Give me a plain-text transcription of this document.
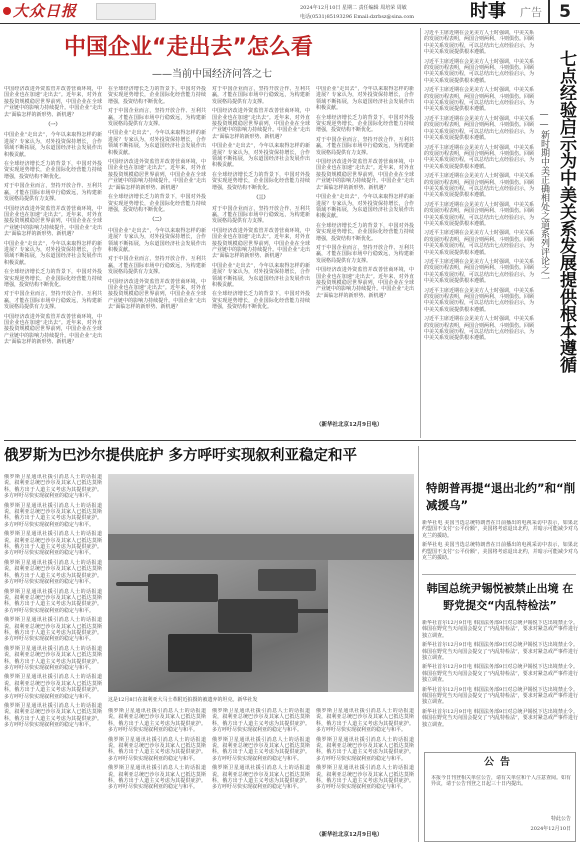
大众日报	2024年12月10日 星期二 责任编辑 周培荣 周敏
电话(0531)85193296 Email:dzrbsz@sina.com	时事 广告	5
中国企业“走出去”怎么看
——当前中国经济问答之七

中国经济改进外资监管并改善营商环境，中国企业也在加速“走出去”。近年来，对外直接投资规模稳居世界前列，中国企业在全球产业链中的影响力持续提升。中国企业“走出去”面临怎样的新形势、新机遇？

（一）

中国企业“走出去”，今年以来取得怎样的新进展？专家认为，对外投资保持增长，合作领域不断拓展，为东道国经济社会发展作出积极贡献。

在全球经济增长乏力的背景下，中国对外投资实现逆势增长，企业国际化经营能力持续增强，投资结构不断优化。

对于中国企业而言，坚持开放合作、互利共赢，才能在国际市场中行稳致远，为构建新发展格局提供有力支撑。

中国经济改进外资监管并改善营商环境，中国企业也在加速“走出去”。近年来，对外直接投资规模稳居世界前列，中国企业在全球产业链中的影响力持续提升。中国企业“走出去”面临怎样的新形势、新机遇？

中国企业“走出去”，今年以来取得怎样的新进展？专家认为，对外投资保持增长，合作领域不断拓展，为东道国经济社会发展作出积极贡献。

在全球经济增长乏力的背景下，中国对外投资实现逆势增长，企业国际化经营能力持续增强，投资结构不断优化。

对于中国企业而言，坚持开放合作、互利共赢，才能在国际市场中行稳致远，为构建新发展格局提供有力支撑。

中国经济改进外资监管并改善营商环境，中国企业也在加速“走出去”。近年来，对外直接投资规模稳居世界前列，中国企业在全球产业链中的影响力持续提升。中国企业“走出去”面临怎样的新形势、新机遇？

在全球经济增长乏力的背景下，中国对外投资实现逆势增长，企业国际化经营能力持续增强，投资结构不断优化。

对于中国企业而言，坚持开放合作、互利共赢，才能在国际市场中行稳致远，为构建新发展格局提供有力支撑。

中国企业“走出去”，今年以来取得怎样的新进展？专家认为，对外投资保持增长，合作领域不断拓展，为东道国经济社会发展作出积极贡献。

中国经济改进外资监管并改善营商环境，中国企业也在加速“走出去”。近年来，对外直接投资规模稳居世界前列，中国企业在全球产业链中的影响力持续提升。中国企业“走出去”面临怎样的新形势、新机遇？

在全球经济增长乏力的背景下，中国对外投资实现逆势增长，企业国际化经营能力持续增强，投资结构不断优化。

（二）

中国企业“走出去”，今年以来取得怎样的新进展？专家认为，对外投资保持增长，合作领域不断拓展，为东道国经济社会发展作出积极贡献。

对于中国企业而言，坚持开放合作、互利共赢，才能在国际市场中行稳致远，为构建新发展格局提供有力支撑。

中国经济改进外资监管并改善营商环境，中国企业也在加速“走出去”。近年来，对外直接投资规模稳居世界前列，中国企业在全球产业链中的影响力持续提升。中国企业“走出去”面临怎样的新形势、新机遇？

对于中国企业而言，坚持开放合作、互利共赢，才能在国际市场中行稳致远，为构建新发展格局提供有力支撑。

中国经济改进外资监管并改善营商环境，中国企业也在加速“走出去”。近年来，对外直接投资规模稳居世界前列，中国企业在全球产业链中的影响力持续提升。中国企业“走出去”面临怎样的新形势、新机遇？

中国企业“走出去”，今年以来取得怎样的新进展？专家认为，对外投资保持增长，合作领域不断拓展，为东道国经济社会发展作出积极贡献。

在全球经济增长乏力的背景下，中国对外投资实现逆势增长，企业国际化经营能力持续增强，投资结构不断优化。

（三）

对于中国企业而言，坚持开放合作、互利共赢，才能在国际市场中行稳致远，为构建新发展格局提供有力支撑。

中国经济改进外资监管并改善营商环境，中国企业也在加速“走出去”。近年来，对外直接投资规模稳居世界前列，中国企业在全球产业链中的影响力持续提升。中国企业“走出去”面临怎样的新形势、新机遇？

中国企业“走出去”，今年以来取得怎样的新进展？专家认为，对外投资保持增长，合作领域不断拓展，为东道国经济社会发展作出积极贡献。

在全球经济增长乏力的背景下，中国对外投资实现逆势增长，企业国际化经营能力持续增强，投资结构不断优化。

中国企业“走出去”，今年以来取得怎样的新进展？专家认为，对外投资保持增长，合作领域不断拓展，为东道国经济社会发展作出积极贡献。

在全球经济增长乏力的背景下，中国对外投资实现逆势增长，企业国际化经营能力持续增强，投资结构不断优化。

对于中国企业而言，坚持开放合作、互利共赢，才能在国际市场中行稳致远，为构建新发展格局提供有力支撑。

中国经济改进外资监管并改善营商环境，中国企业也在加速“走出去”。近年来，对外直接投资规模稳居世界前列，中国企业在全球产业链中的影响力持续提升。中国企业“走出去”面临怎样的新形势、新机遇？

中国企业“走出去”，今年以来取得怎样的新进展？专家认为，对外投资保持增长，合作领域不断拓展，为东道国经济社会发展作出积极贡献。

在全球经济增长乏力的背景下，中国对外投资实现逆势增长，企业国际化经营能力持续增强，投资结构不断优化。

对于中国企业而言，坚持开放合作、互利共赢，才能在国际市场中行稳致远，为构建新发展格局提供有力支撑。

中国经济改进外资监管并改善营商环境，中国企业也在加速“走出去”。近年来，对外直接投资规模稳居世界前列，中国企业在全球产业链中的影响力持续提升。中国企业“走出去”面临怎样的新形势、新机遇？

（新华社北京12月9日电）

习近平主席近期在会见美方人士时强调，中美关系的发展历程表明，两国合则两利、斗则俱伤。回顾中美关系发展历程，可以总结出七点经验启示，为中美关系发展提供根本遵循。

习近平主席近期在会见美方人士时强调，中美关系的发展历程表明，两国合则两利、斗则俱伤。回顾中美关系发展历程，可以总结出七点经验启示，为中美关系发展提供根本遵循。

习近平主席近期在会见美方人士时强调，中美关系的发展历程表明，两国合则两利、斗则俱伤。回顾中美关系发展历程，可以总结出七点经验启示，为中美关系发展提供根本遵循。

习近平主席近期在会见美方人士时强调，中美关系的发展历程表明，两国合则两利、斗则俱伤。回顾中美关系发展历程，可以总结出七点经验启示，为中美关系发展提供根本遵循。

习近平主席近期在会见美方人士时强调，中美关系的发展历程表明，两国合则两利、斗则俱伤。回顾中美关系发展历程，可以总结出七点经验启示，为中美关系发展提供根本遵循。

习近平主席近期在会见美方人士时强调，中美关系的发展历程表明，两国合则两利、斗则俱伤。回顾中美关系发展历程，可以总结出七点经验启示，为中美关系发展提供根本遵循。

习近平主席近期在会见美方人士时强调，中美关系的发展历程表明，两国合则两利、斗则俱伤。回顾中美关系发展历程，可以总结出七点经验启示，为中美关系发展提供根本遵循。

习近平主席近期在会见美方人士时强调，中美关系的发展历程表明，两国合则两利、斗则俱伤。回顾中美关系发展历程，可以总结出七点经验启示，为中美关系发展提供根本遵循。

习近平主席近期在会见美方人士时强调，中美关系的发展历程表明，两国合则两利、斗则俱伤。回顾中美关系发展历程，可以总结出七点经验启示，为中美关系发展提供根本遵循。

习近平主席近期在会见美方人士时强调，中美关系的发展历程表明，两国合则两利、斗则俱伤。回顾中美关系发展历程，可以总结出七点经验启示，为中美关系发展提供根本遵循。

习近平主席近期在会见美方人士时强调，中美关系的发展历程表明，两国合则两利、斗则俱伤。回顾中美关系发展历程，可以总结出七点经验启示，为中美关系发展提供根本遵循。

——新时期中美正确相处之道系列评论之一 七点经验启示为中美关系发展提供根本遵循
俄罗斯为巴沙尔提供庇护 多方呼吁实现叙利亚稳定和平

俄罗斯卫星通讯社援引消息人士的话报道说，叙利亚总统巴沙尔及其家人已抵达莫斯科，俄方出于人道主义考虑为其提供庇护。多方呼吁尽快实现叙利亚的稳定与和平。

俄罗斯卫星通讯社援引消息人士的话报道说，叙利亚总统巴沙尔及其家人已抵达莫斯科，俄方出于人道主义考虑为其提供庇护。多方呼吁尽快实现叙利亚的稳定与和平。

俄罗斯卫星通讯社援引消息人士的话报道说，叙利亚总统巴沙尔及其家人已抵达莫斯科，俄方出于人道主义考虑为其提供庇护。多方呼吁尽快实现叙利亚的稳定与和平。

俄罗斯卫星通讯社援引消息人士的话报道说，叙利亚总统巴沙尔及其家人已抵达莫斯科，俄方出于人道主义考虑为其提供庇护。多方呼吁尽快实现叙利亚的稳定与和平。

俄罗斯卫星通讯社援引消息人士的话报道说，叙利亚总统巴沙尔及其家人已抵达莫斯科，俄方出于人道主义考虑为其提供庇护。多方呼吁尽快实现叙利亚的稳定与和平。

俄罗斯卫星通讯社援引消息人士的话报道说，叙利亚总统巴沙尔及其家人已抵达莫斯科，俄方出于人道主义考虑为其提供庇护。多方呼吁尽快实现叙利亚的稳定与和平。

俄罗斯卫星通讯社援引消息人士的话报道说，叙利亚总统巴沙尔及其家人已抵达莫斯科，俄方出于人道主义考虑为其提供庇护。多方呼吁尽快实现叙利亚的稳定与和平。

俄罗斯卫星通讯社援引消息人士的话报道说，叙利亚总统巴沙尔及其家人已抵达莫斯科，俄方出于人道主义考虑为其提供庇护。多方呼吁尽快实现叙利亚的稳定与和平。

俄罗斯卫星通讯社援引消息人士的话报道说，叙利亚总统巴沙尔及其家人已抵达莫斯科，俄方出于人道主义考虑为其提供庇护。多方呼吁尽快实现叙利亚的稳定与和平。

这是12月8日在叙利亚大马士革附近拍摄的被遗弃的坦克。新华社发

俄罗斯卫星通讯社援引消息人士的话报道说，叙利亚总统巴沙尔及其家人已抵达莫斯科，俄方出于人道主义考虑为其提供庇护。多方呼吁尽快实现叙利亚的稳定与和平。

俄罗斯卫星通讯社援引消息人士的话报道说，叙利亚总统巴沙尔及其家人已抵达莫斯科，俄方出于人道主义考虑为其提供庇护。多方呼吁尽快实现叙利亚的稳定与和平。

俄罗斯卫星通讯社援引消息人士的话报道说，叙利亚总统巴沙尔及其家人已抵达莫斯科，俄方出于人道主义考虑为其提供庇护。多方呼吁尽快实现叙利亚的稳定与和平。

俄罗斯卫星通讯社援引消息人士的话报道说，叙利亚总统巴沙尔及其家人已抵达莫斯科，俄方出于人道主义考虑为其提供庇护。多方呼吁尽快实现叙利亚的稳定与和平。

俄罗斯卫星通讯社援引消息人士的话报道说，叙利亚总统巴沙尔及其家人已抵达莫斯科，俄方出于人道主义考虑为其提供庇护。多方呼吁尽快实现叙利亚的稳定与和平。

俄罗斯卫星通讯社援引消息人士的话报道说，叙利亚总统巴沙尔及其家人已抵达莫斯科，俄方出于人道主义考虑为其提供庇护。多方呼吁尽快实现叙利亚的稳定与和平。

俄罗斯卫星通讯社援引消息人士的话报道说，叙利亚总统巴沙尔及其家人已抵达莫斯科，俄方出于人道主义考虑为其提供庇护。多方呼吁尽快实现叙利亚的稳定与和平。

俄罗斯卫星通讯社援引消息人士的话报道说，叙利亚总统巴沙尔及其家人已抵达莫斯科，俄方出于人道主义考虑为其提供庇护。多方呼吁尽快实现叙利亚的稳定与和平。

俄罗斯卫星通讯社援引消息人士的话报道说，叙利亚总统巴沙尔及其家人已抵达莫斯科，俄方出于人道主义考虑为其提供庇护。多方呼吁尽快实现叙利亚的稳定与和平。

（新华社北京12月9日电）
特朗普再提“退出北约”和“削减援乌”

新华社电 美国当选总统特朗普在日前播出的电视采访中表示，如果北约盟国不支付“公平份额”，美国将考虑退出北约，并暗示可能减少对乌克兰的援助。

新华社电 美国当选总统特朗普在日前播出的电视采访中表示，如果北约盟国不支付“公平份额”，美国将考虑退出北约，并暗示可能减少对乌克兰的援助。

韩国总统尹锡悦被禁止出境 在野党提交“内乱特检法”

新华社首尔12月9日电 韩国法务部9日对总统尹锡悦下达出境禁止令。韩国在野党当天向国会提交了“内乱特检法”，要求对紧急戒严事件进行独立调查。

新华社首尔12月9日电 韩国法务部9日对总统尹锡悦下达出境禁止令。韩国在野党当天向国会提交了“内乱特检法”，要求对紧急戒严事件进行独立调查。

新华社首尔12月9日电 韩国法务部9日对总统尹锡悦下达出境禁止令。韩国在野党当天向国会提交了“内乱特检法”，要求对紧急戒严事件进行独立调查。

新华社首尔12月9日电 韩国法务部9日对总统尹锡悦下达出境禁止令。韩国在野党当天向国会提交了“内乱特检法”，要求对紧急戒严事件进行独立调查。

新华社首尔12月9日电 韩国法务部9日对总统尹锡悦下达出境禁止令。韩国在野党当天向国会提交了“内乱特检法”，要求对紧急戒严事件进行独立调查。

公告
本报今日刊登相关单位公告，请有关单位和个人注意查阅。如有异议，请于公告刊登之日起三十日内提出。
特此公告
2024年12月10日
